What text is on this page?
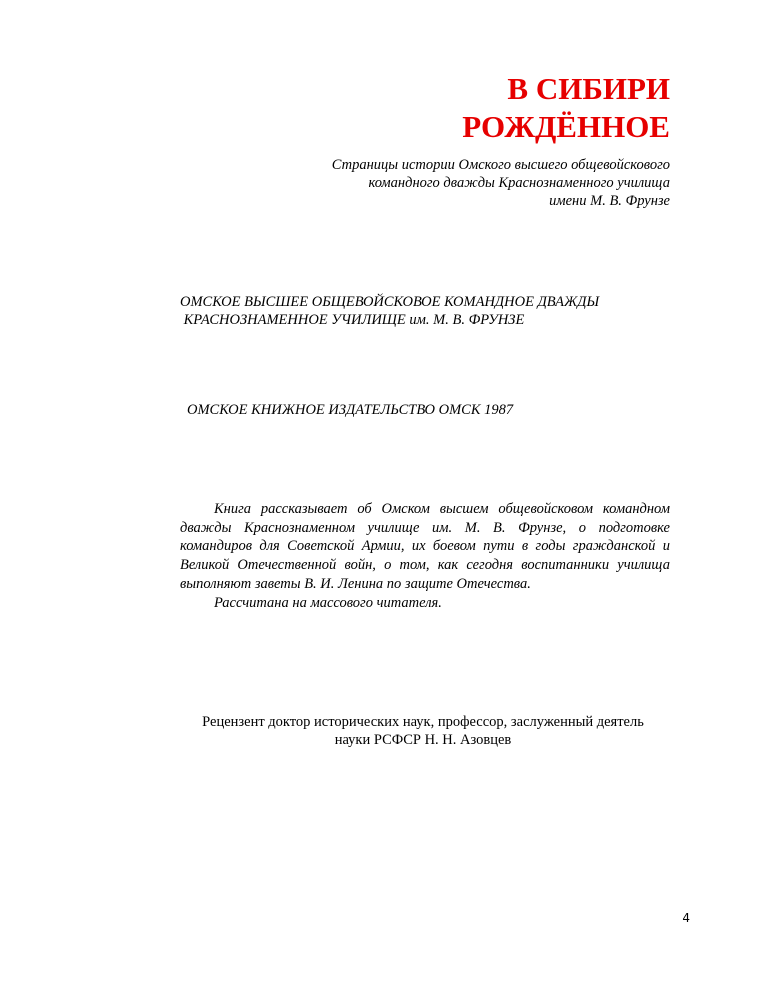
В СИБИРИ
РОЖДЁННОЕ
Страницы истории Омского высшего общевойскового
командного дважды Краснознаменного училища
имени М. В. Фрунзе
ОМСКОЕ ВЫСШЕЕ ОБЩЕВОЙСКОВОЕ КОМАНДНОЕ ДВАЖДЫ
КРАСНОЗНАМЕННОЕ УЧИЛИЩЕ им. М. В. ФРУНЗЕ
ОМСКОЕ КНИЖНОЕ ИЗДАТЕЛЬСТВО ОМСК 1987

Книга рассказывает об Омском высшем общевойсковом командном дважды Краснознаменном училище им. М. В. Фрунзе, о подготовке командиров для Советской Армии, их боевом пути в годы гражданской и Великой Отечественной войн, о том, как сегодня воспитанники училища выполняют заветы В. И. Ленина по защите Отечества.

Рассчитана на массового читателя.

Рецензент доктор исторических наук, профессор, заслуженный деятель
науки РСФСР Н. Н. Азовцев
4
